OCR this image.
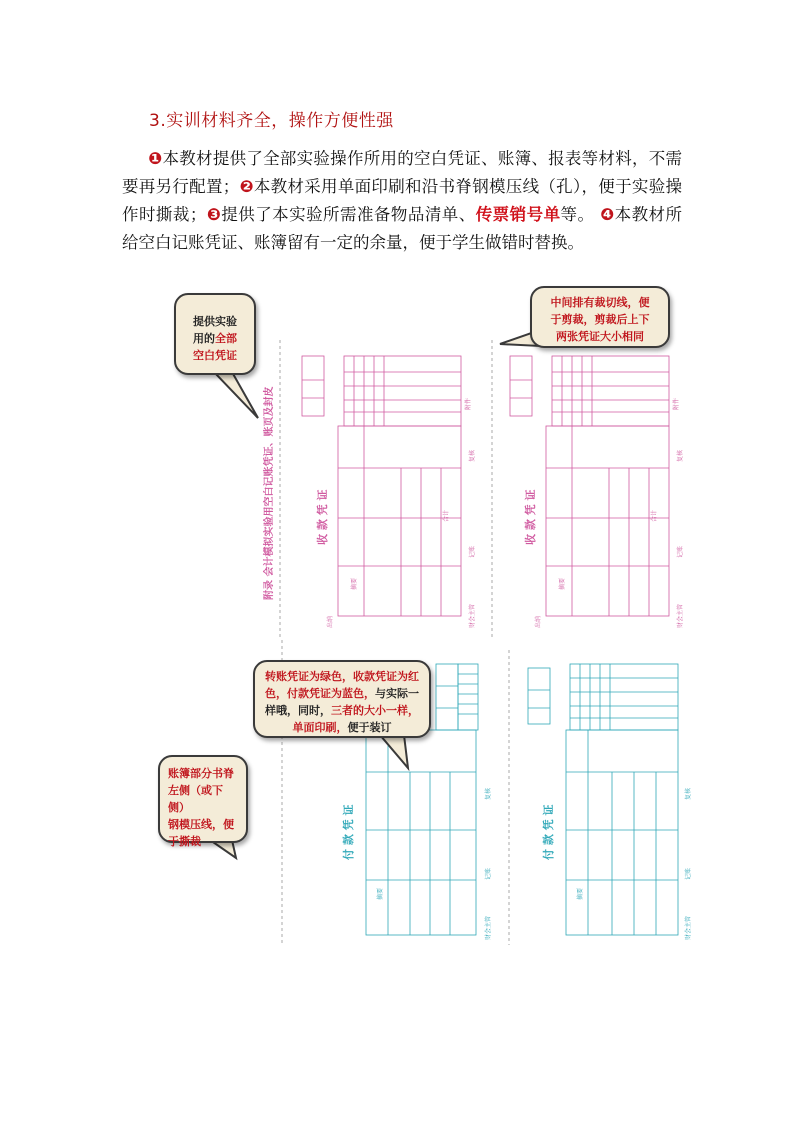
3.实训材料齐全，操作方便性强
❶本教材提供了全部实验操作所用的空白凭证、账簿、报表等材料，不需要再另行配置；❷本教材采用单面印刷和沿书脊钢模压线（孔），便于实验操作时撕裁；❸提供了本实验所需准备物品清单、传票销号单等。 ❹本教材所给空白记账凭证、账簿留有一定的余量，便于学生做错时替换。
附录 会计模拟实验用空白记账凭证、账页及封皮	收 款 凭 证
复核
记账
财会主管
附件
摘要
合计
出纳
收 款 凭 证
复核
记账
财会主管
附件
摘要
合计
出纳
付 款 凭 证
复核
记账
财会主管
摘要
付 款 凭 证
复核
记账
财会主管
摘要
提供实验
用的全部
空白凭证
中间排有裁切线，便
于剪裁，剪裁后上下
两张凭证大小相同
转账凭证为绿色，收款凭证为红
色，付款凭证为蓝色，与实际一
样哦，同时，三者的大小一样，
单面印刷，便于装订
账簿部分书脊
左侧（或下侧）
钢模压线，便
于撕裁
